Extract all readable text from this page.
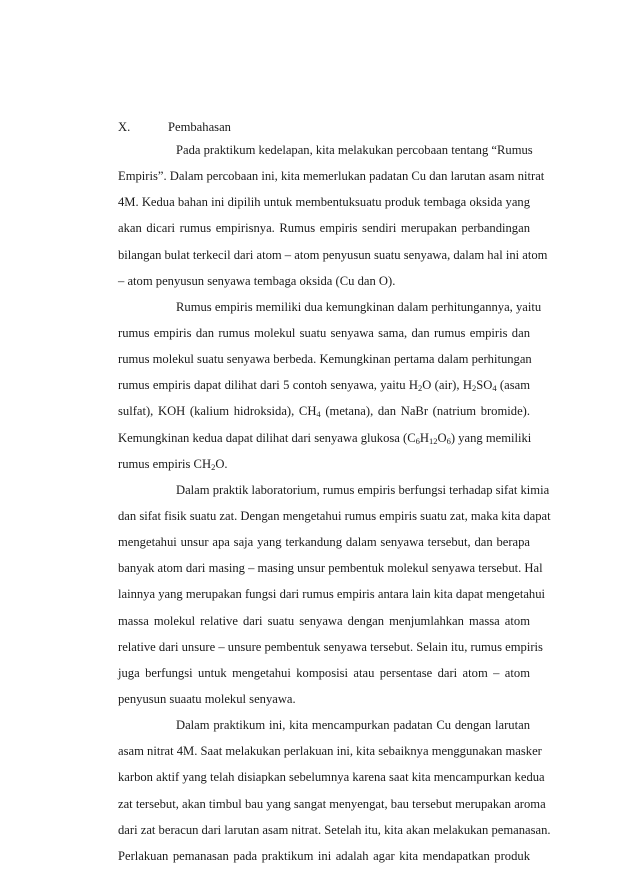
X.	Pembahasan
Pada praktikum kedelapan, kita melakukan percobaan tentang “Rumus
Empiris”. Dalam percobaan ini, kita memerlukan padatan Cu dan larutan asam nitrat
4M. Kedua bahan ini dipilih untuk membentuksuatu produk tembaga oksida yang
akan dicari rumus empirisnya. Rumus empiris sendiri merupakan perbandingan
bilangan bulat terkecil dari atom – atom penyusun suatu senyawa, dalam hal ini atom
– atom penyusun senyawa tembaga oksida (Cu dan O).
Rumus empiris memiliki dua kemungkinan dalam perhitungannya, yaitu
rumus empiris dan rumus molekul suatu senyawa sama, dan rumus empiris dan
rumus molekul suatu senyawa berbeda. Kemungkinan pertama dalam perhitungan
rumus empiris dapat dilihat dari 5 contoh senyawa, yaitu $H_2O$ (air), $H_2SO_4$ (asam
sulfat), KOH (kalium hidroksida), $CH_4$ (metana), dan NaBr (natrium bromide).
Kemungkinan kedua dapat dilihat dari senyawa glukosa $(C_6H_{12}O_6)$ yang memiliki
rumus empiris $CH_2O$.
Dalam praktik laboratorium, rumus empiris berfungsi terhadap sifat kimia
dan sifat fisik suatu zat. Dengan mengetahui rumus empiris suatu zat, maka kita dapat
mengetahui unsur apa saja yang terkandung dalam senyawa tersebut, dan berapa
banyak atom dari masing – masing unsur pembentuk molekul senyawa tersebut. Hal
lainnya yang merupakan fungsi dari rumus empiris antara lain kita dapat mengetahui
massa molekul relative dari suatu senyawa dengan menjumlahkan massa atom
relative dari unsure – unsure pembentuk senyawa tersebut. Selain itu, rumus empiris
juga berfungsi untuk mengetahui komposisi atau persentase dari atom – atom
penyusun suaatu molekul senyawa.
Dalam praktikum ini, kita mencampurkan padatan Cu dengan larutan
asam nitrat 4M. Saat melakukan perlakuan ini, kita sebaiknya menggunakan masker
karbon aktif yang telah disiapkan sebelumnya karena saat kita mencampurkan kedua
zat tersebut, akan timbul bau yang sangat menyengat, bau tersebut merupakan aroma
dari zat beracun dari larutan asam nitrat. Setelah itu, kita akan melakukan pemanasan.
Perlakuan pemanasan pada praktikum ini adalah agar kita mendapatkan produk
